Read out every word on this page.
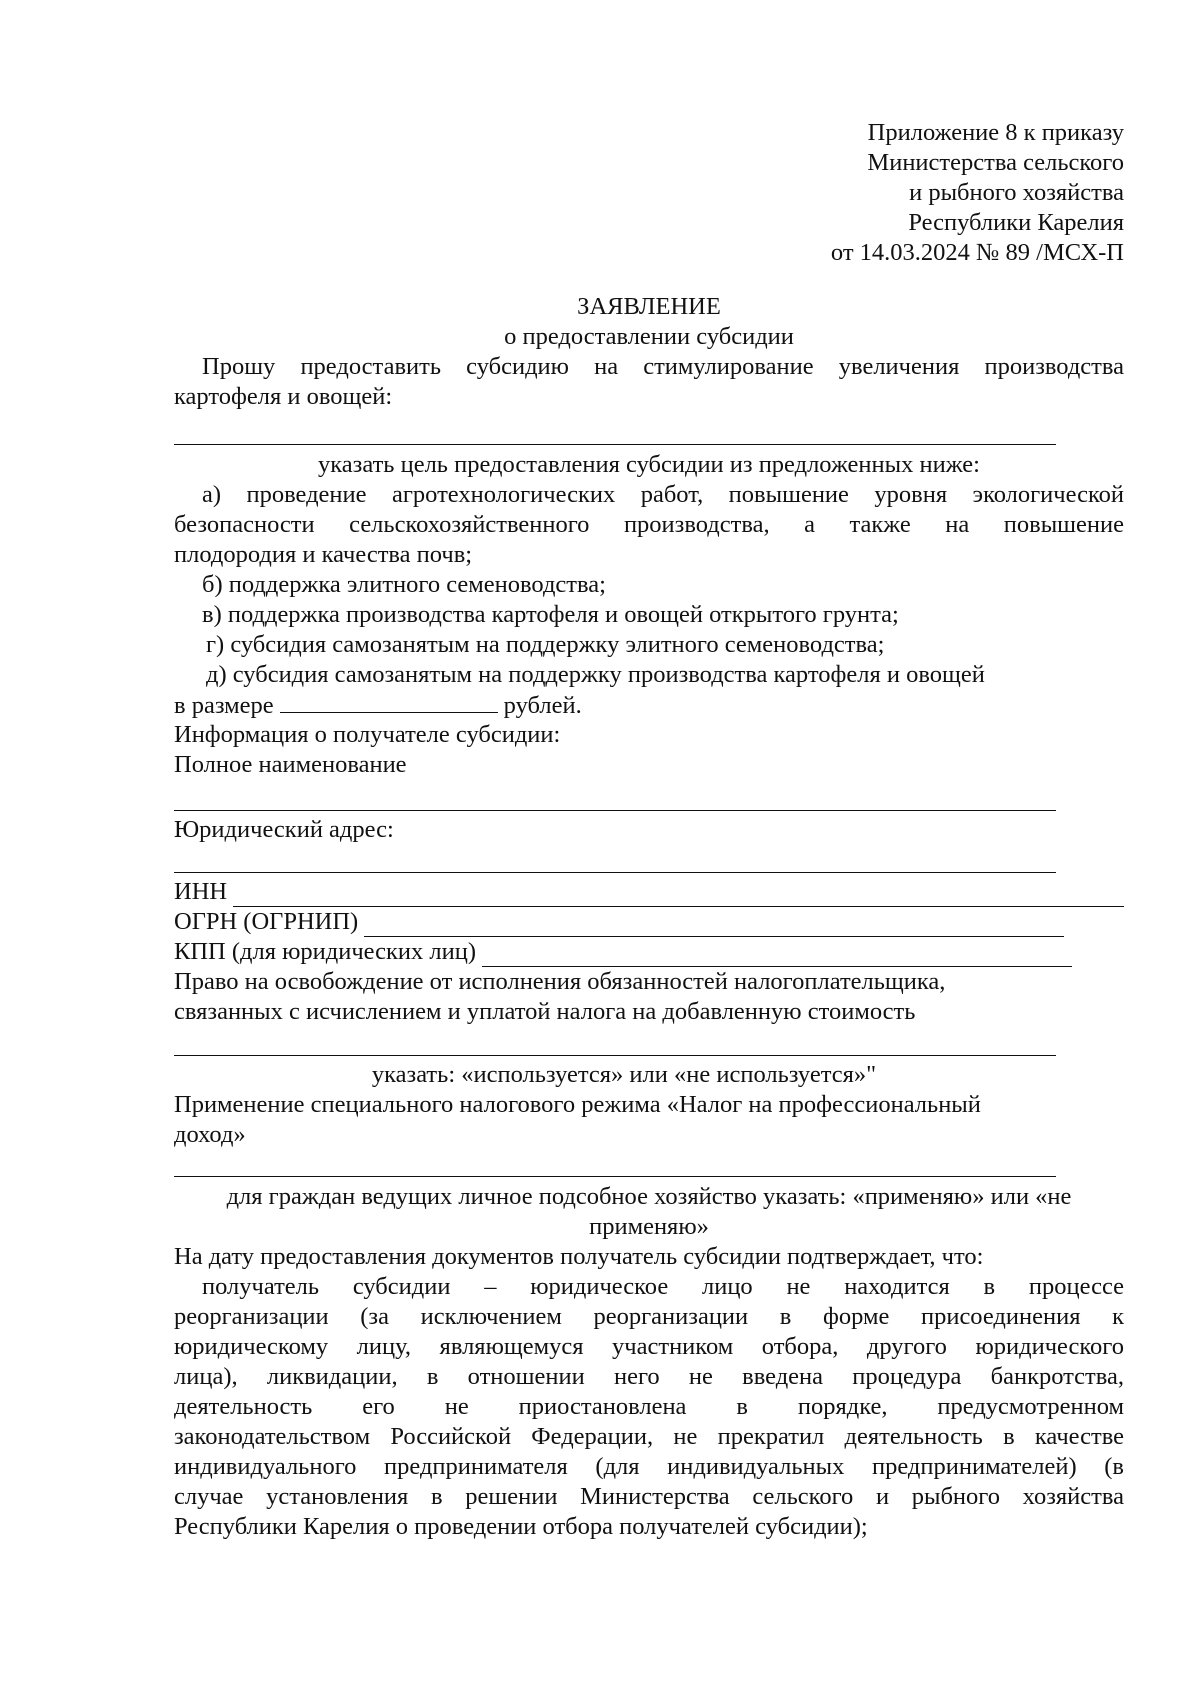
Приложение 8 к приказу
Министерства сельского
и рыбного хозяйства
Республики Карелия
от 14.03.2024 № 89 /МСХ-П
ЗАЯВЛЕНИЕ
о предоставлении субсидии
Прошу предоставить субсидию на стимулирование увеличения производства
картофеля и овощей:
указать цель предоставления субсидии из предложенных ниже:
а) проведение агротехнологических работ, повышение уровня экологической
безопасности сельскохозяйственного производства, а также на повышение
плодородия и качества почв;
б) поддержка элитного семеноводства;
в) поддержка производства картофеля и овощей открытого грунта;
г) субсидия самозанятым на поддержку элитного семеноводства;
д) субсидия самозанятым на поддержку производства картофеля и овощей
в размере	рублей.
Информация о получателе субсидии:
Полное наименование
Юридический адрес:
ИНН
ОГРН (ОГРНИП)
КПП (для юридических лиц)
Право на освобождение от исполнения обязанностей налогоплательщика,
связанных с исчислением и уплатой налога на добавленную стоимость
указать: «используется» или «не используется»"
Применение специального налогового режима «Налог на профессиональный
доход»
для граждан ведущих личное подсобное хозяйство указать: «применяю» или «не
применяю»
На дату предоставления документов получатель субсидии подтверждает, что:
получатель субсидии – юридическое лицо не находится в процессе
реорганизации (за исключением реорганизации в форме присоединения к
юридическому лицу, являющемуся участником отбора, другого юридического
лица), ликвидации, в отношении него не введена процедура банкротства,
деятельность его не приостановлена в порядке, предусмотренном
законодательством Российской Федерации, не прекратил деятельность в качестве
индивидуального предпринимателя (для индивидуальных предпринимателей) (в
случае установления в решении Министерства сельского и рыбного хозяйства
Республики Карелия о проведении отбора получателей субсидии);
